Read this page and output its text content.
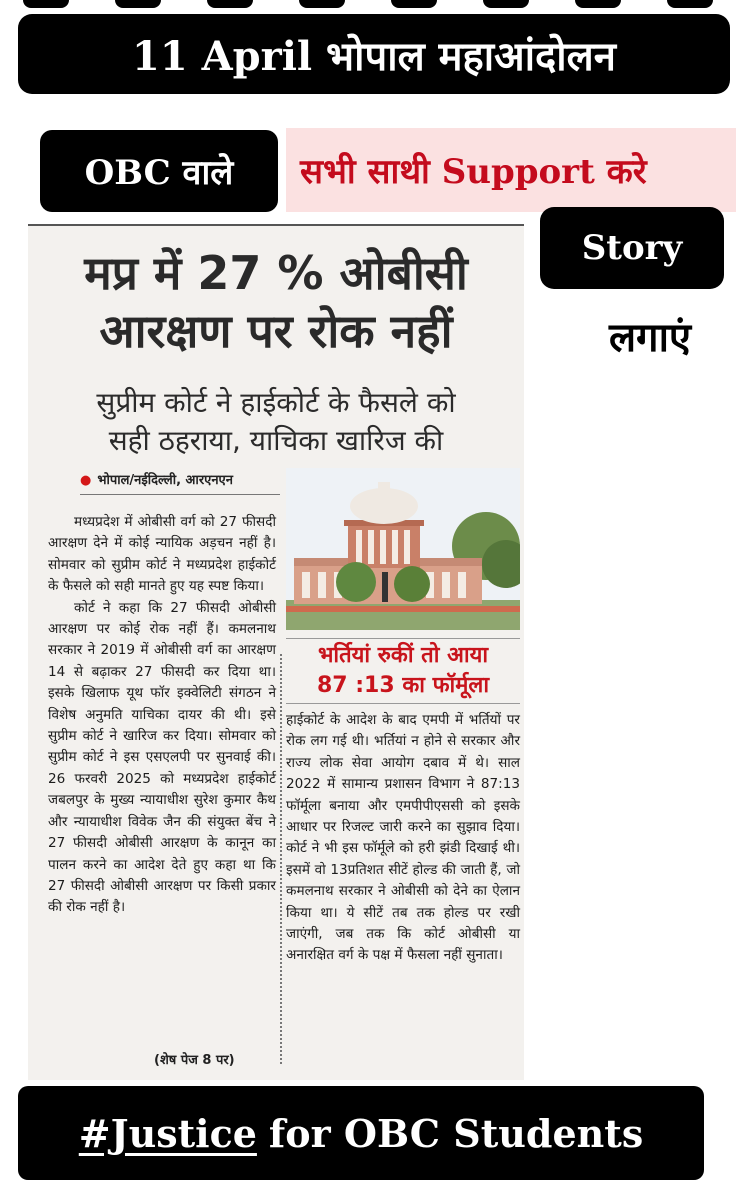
11 April भोपाल महाआंदोलन
OBC वाले सभी साथी Support करे
मप्र में 27 % ओबीसी
आरक्षण पर रोक नहीं
सुप्रीम कोर्ट ने हाईकोर्ट के फैसले को
सही ठहराया, याचिका खारिज की
● भोपाल/नईदिल्ली, आरएनएन

मध्यप्रदेश में ओबीसी वर्ग को 27 फीसदी आरक्षण देने में कोई न्यायिक अड़चन नहीं है। सोमवार को सुप्रीम कोर्ट ने मध्यप्रदेश हाईकोर्ट के फैसले को सही मानते हुए यह स्पष्ट किया।

कोर्ट ने कहा कि 27 फीसदी ओबीसी आरक्षण पर कोई रोक नहीं हैं। कमलनाथ सरकार ने 2019 में ओबीसी वर्ग का आरक्षण 14 से बढ़ाकर 27 फीसदी कर दिया था। इसके खिलाफ यूथ फॉर इक्वेलिटी संगठन ने विशेष अनुमति याचिका दायर की थी। इसे सुप्रीम कोर्ट ने खारिज कर दिया। सोमवार को सुप्रीम कोर्ट ने इस एसएलपी पर सुनवाई की। 26 फरवरी 2025 को मध्यप्रदेश हाईकोर्ट जबलपुर के मुख्य न्यायाधीश सुरेश कुमार कैथ और न्यायाधीश विवेक जैन की संयुक्त बेंच ने 27 फीसदी ओबीसी आरक्षण के कानून का पालन करने का आदेश देते हुए कहा था कि 27 फीसदी ओबीसी आरक्षण पर किसी प्रकार की रोक नहीं है।

(शेष पेज 8 पर)
भर्तियां रुकीं तो आया
87 :13 का फॉर्मूला

हाईकोर्ट के आदेश के बाद एमपी में भर्तियों पर रोक लग गई थी। भर्तियां न होने से सरकार और राज्य लोक सेवा आयोग दबाव में थे। साल 2022 में सामान्य प्रशासन विभाग ने 87:13 फॉर्मूला बनाया और एमपीपीएससी को इसके आधार पर रिजल्ट जारी करने का सुझाव दिया। कोर्ट ने भी इस फॉर्मूले को हरी झंडी दिखाई थी। इसमें वो 13प्रतिशत सीटें होल्ड की जाती हैं, जो कमलनाथ सरकार ने ओबीसी को देने का ऐलान किया था। ये सीटें तब तक होल्ड पर रखी जाएंगी, जब तक कि कोर्ट ओबीसी या अनारक्षित वर्ग के पक्ष में फैसला नहीं सुनाता।

Story
लगाएं
#Justice for OBC Students
